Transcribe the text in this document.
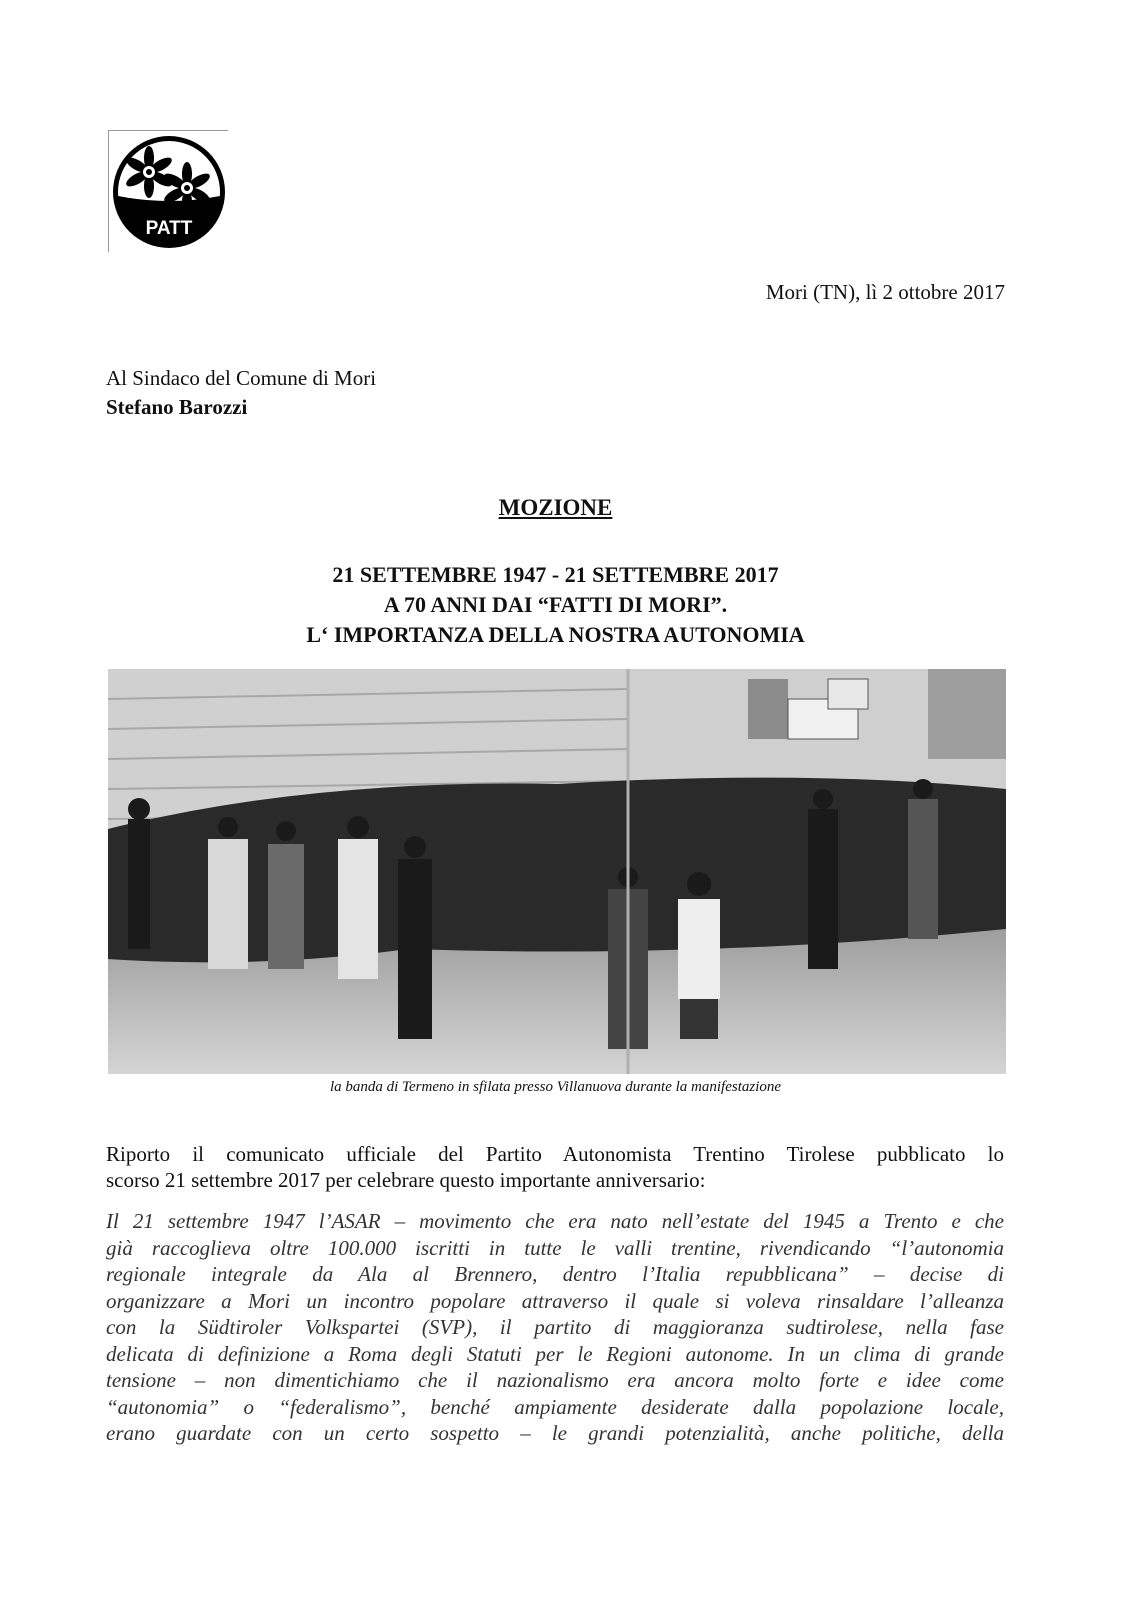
PATT
Mori (TN), lì 2 ottobre 2017
Al Sindaco del Comune di Mori
Stefano Barozzi
MOZIONE
21 SETTEMBRE 1947 - 21 SETTEMBRE 2017
A 70 ANNI DAI “FATTI DI MORI”.
L‘ IMPORTANZA DELLA NOSTRA AUTONOMIA
la banda di Termeno in sfilata presso Villanuova durante la manifestazione
Riporto il comunicato ufficiale del Partito Autonomista Trentino Tirolese pubblicato lo
scorso 21 settembre 2017 per celebrare questo importante anniversario:
Il 21 settembre 1947 l’ASAR – movimento che era nato nell’estate del 1945 a Trento e che
già raccoglieva oltre 100.000 iscritti in tutte le valli trentine, rivendicando “l’autonomia
regionale integrale da Ala al Brennero, dentro l’Italia repubblicana” – decise di
organizzare a Mori un incontro popolare attraverso il quale si voleva rinsaldare l’alleanza
con la Südtiroler Volkspartei (SVP), il partito di maggioranza sudtirolese, nella fase
delicata di definizione a Roma degli Statuti per le Regioni autonome. In un clima di grande
tensione – non dimentichiamo che il nazionalismo era ancora molto forte e idee come
“autonomia” o “federalismo”, benché ampiamente desiderate dalla popolazione locale,
erano guardate con un certo sospetto – le grandi potenzialità, anche politiche, della
